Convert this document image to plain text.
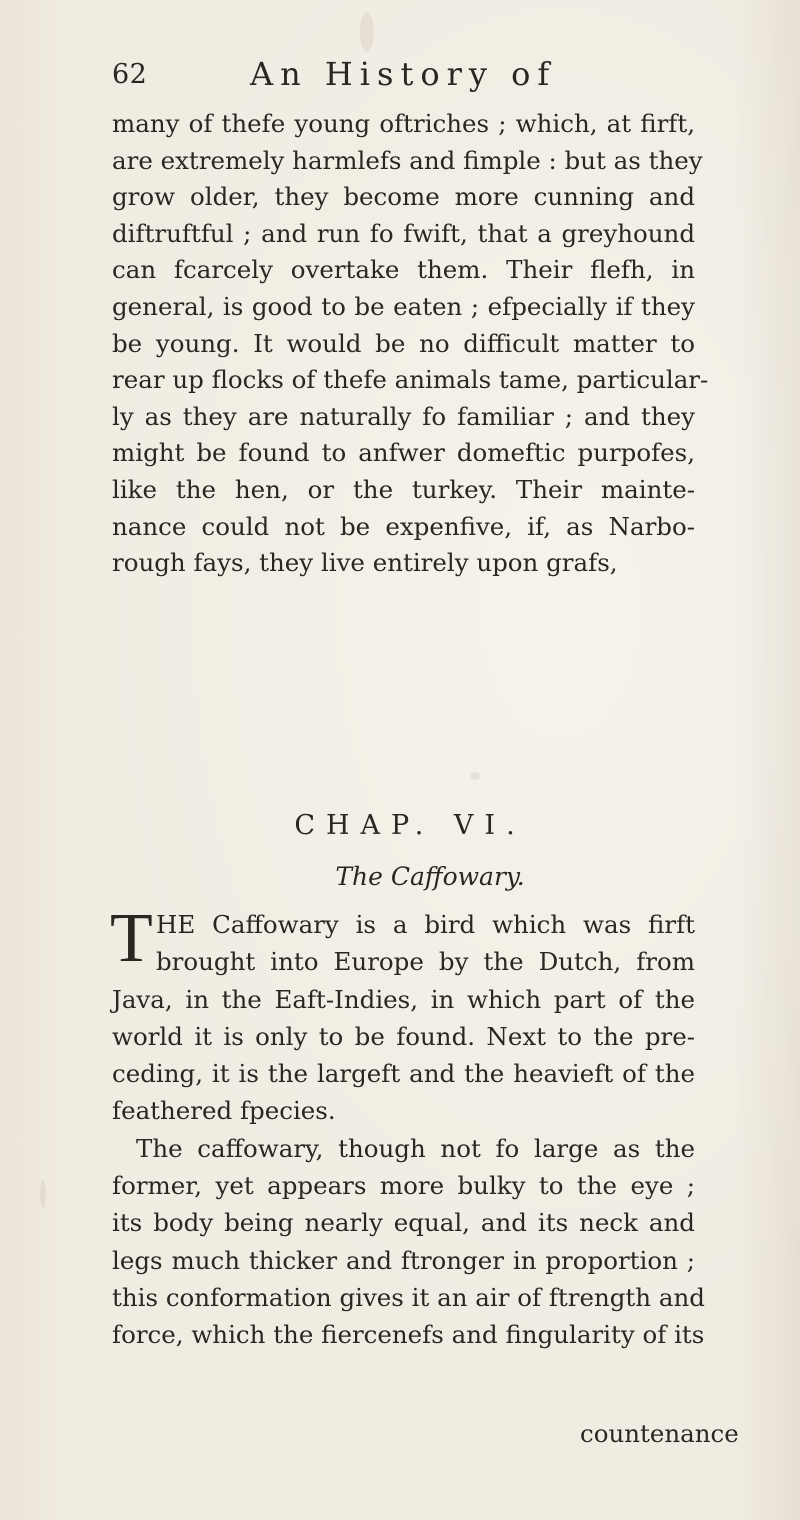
62	An History of
many of thefe young oftriches ; which, at firft,
are extremely harmlefs and fimple : but as they
grow older, they become more cunning and
diftruftful ; and run fo fwift, that a greyhound
can fcarcely overtake them. Their flefh, in
general, is good to be eaten ; efpecially if they
be young. It would be no difficult matter to
rear up flocks of thefe animals tame, particular-
ly as they are naturally fo familiar ; and they
might be found to anfwer domeftic purpofes,
like the hen, or the turkey. Their mainte-
nance could not be expenfive, if, as Narbo-
rough fays, they live entirely upon grafs,
CHAP. VI.
The Caffowary.
T HE Caffowary is a bird which was firft
brought into Europe by the Dutch, from
Java, in the Eaft-Indies, in which part of the
world it is only to be found. Next to the pre-
ceding, it is the largeft and the heavieft of the
feathered fpecies.
The caffowary, though not fo large as the
former, yet appears more bulky to the eye ;
its body being nearly equal, and its neck and
legs much thicker and ftronger in proportion ;
this conformation gives it an air of ftrength and
force, which the fiercenefs and fingularity of its
countenance
